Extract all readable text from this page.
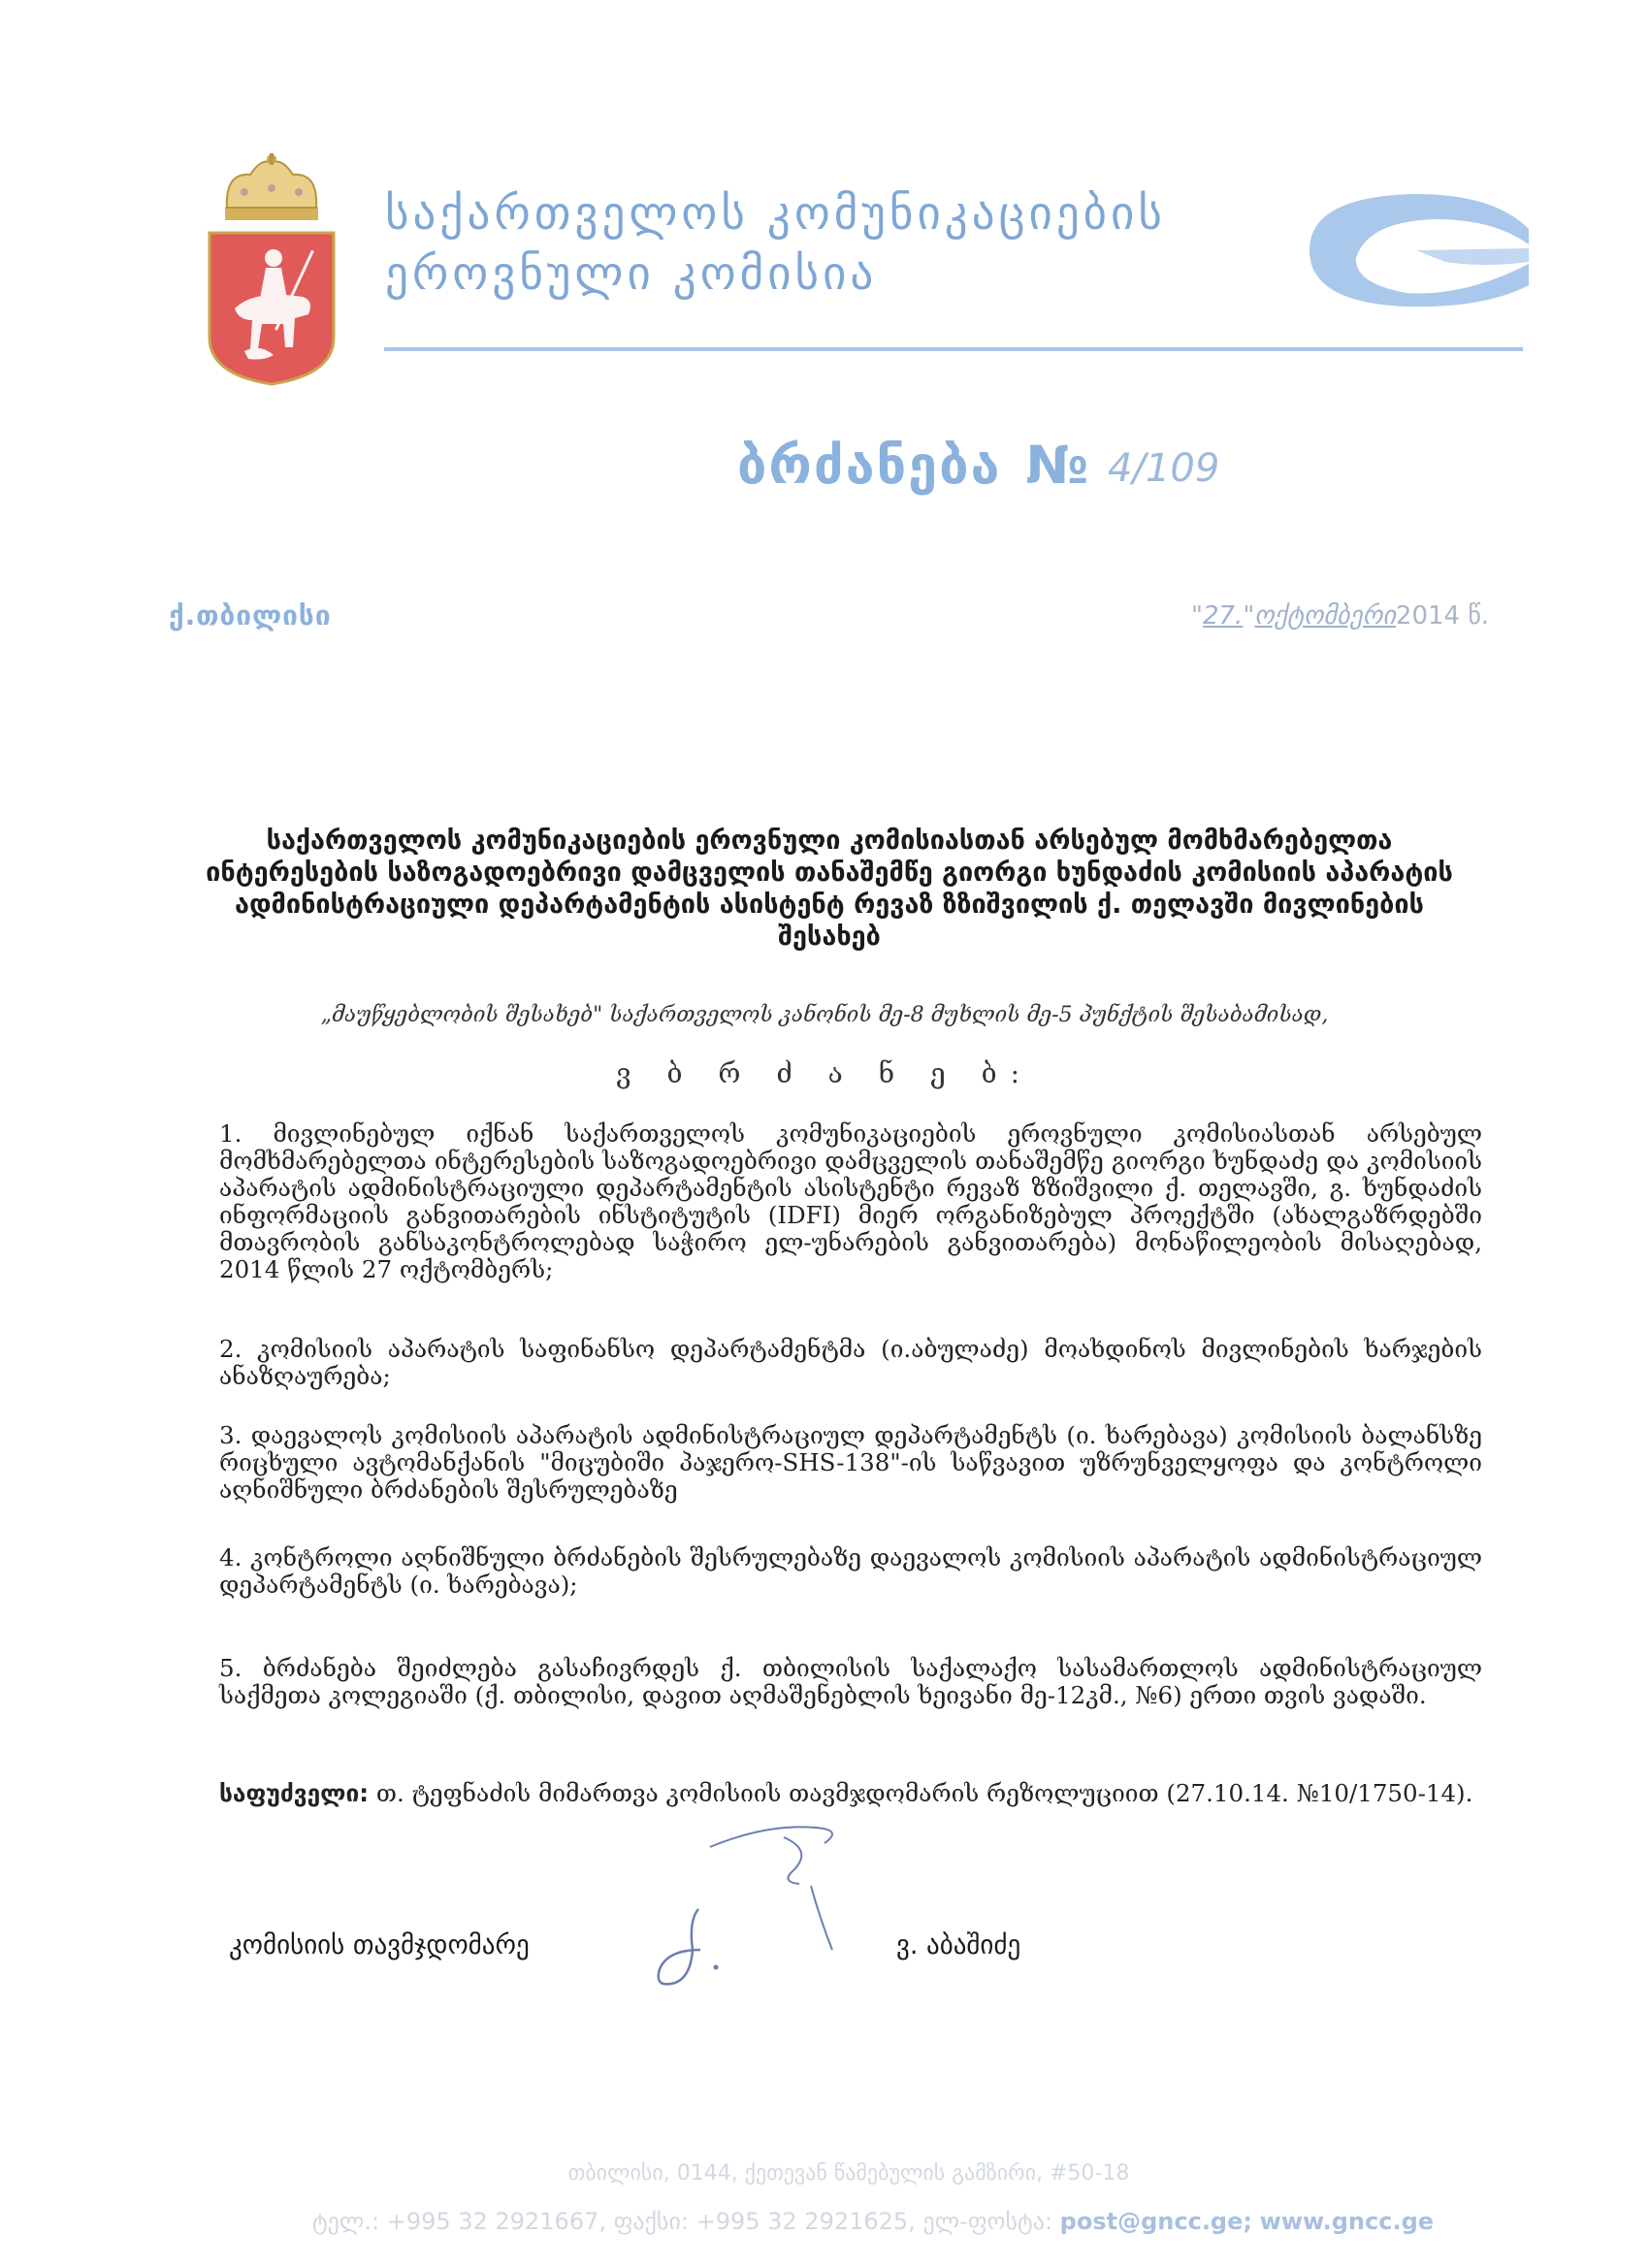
საქართველოს კომუნიკაციების
ეროვნული კომისია
ბრძანება № 4/109
ქ.თბილისი	"27."ოქტომბერი2014 წ.
საქართველოს კომუნიკაციების ეროვნული კომისიასთან არსებულ მომხმარებელთა ინტერესების საზოგადოებრივი დამცველის თანაშემწე გიორგი ხუნდაძის კომისიის აპარატის ადმინისტრაციული დეპარტამენტის ასისტენტ რევაზ ზზიშვილის ქ. თელავში მივლინების შესახებ
„მაუწყებლობის შესახებ" საქართველოს კანონის მე-8 მუხლის მე-5 პუნქტის შესაბამისად,
ვ ბ რ ძ ა ნ ე ბ:
1. მივლინებულ იქნან საქართველოს კომუნიკაციების ეროვნული კომისიასთან არსებულ მომხმარებელთა ინტერესების საზოგადოებრივი დამცველის თანაშემწე გიორგი ხუნდაძე და კომისიის აპარატის ადმინისტრაციული დეპარტამენტის ასისტენტი რევაზ ზზიშვილი ქ. თელავში, გ. ხუნდაძის ინფორმაციის განვითარების ინსტიტუტის (IDFI) მიერ ორგანიზებულ პროექტში (ახალგაზრდებში მთავრობის განსაკონტროლებად საჭირო ელ-უნარების განვითარება) მონაწილეობის მისაღებად, 2014 წლის 27 ოქტომბერს;
2. კომისიის აპარატის საფინანსო დეპარტამენტმა (ი.აბულაძე) მოახდინოს მივლინების ხარჯების ანაზღაურება;
3. დაევალოს კომისიის აპარატის ადმინისტრაციულ დეპარტამენტს (ი. ხარებავა) კომისიის ბალანსზე რიცხული ავტომანქანის "მიცუბიში პაჯერო-SHS-138"-ის საწვავით უზრუნველყოფა და კონტროლი აღნიშნული ბრძანების შესრულებაზე
4. კონტროლი აღნიშნული ბრძანების შესრულებაზე დაევალოს კომისიის აპარატის ადმინისტრაციულ დეპარტამენტს (ი. ხარებავა);
5. ბრძანება შეიძლება გასაჩივრდეს ქ. თბილისის საქალაქო სასამართლოს ადმინისტრაციულ საქმეთა კოლეგიაში (ქ. თბილისი, დავით აღმაშენებლის ხეივანი მე-12კმ., №6) ერთი თვის ვადაში.
საფუძველი: თ. ტეფნაძის მიმართვა კომისიის თავმჯდომარის რეზოლუციით (27.10.14. №10/1750-14).
კომისიის თავმჯდომარე	ვ. აბაშიძე
თბილისი, 0144, ქეთევან წამებულის გამზირი, #50-18
ტელ.: +995 32 2921667, ფაქსი: +995 32 2921625, ელ-ფოსტა: post@gncc.ge; www.gncc.ge
